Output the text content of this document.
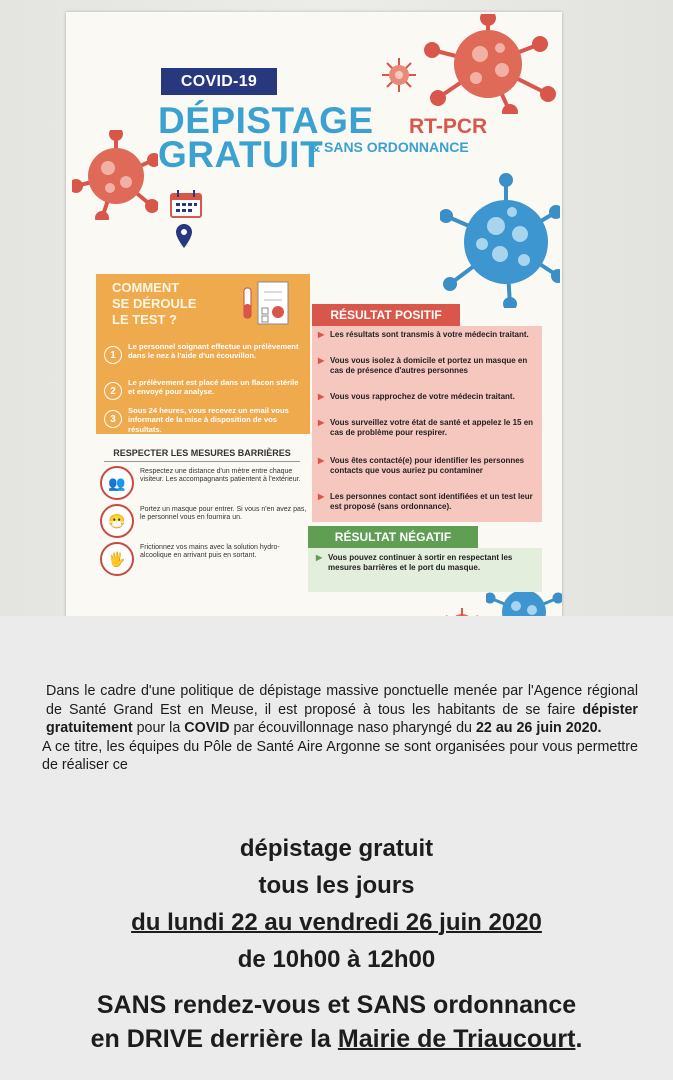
COVID-19
DÉPISTAGE RT-PCR
GRATUIT
& SANS ORDONNANCE
COMMENT
SE DÉROULE
LE TEST ?
1
Le personnel soignant effectue un prélèvement dans le nez à l'aide d'un écouvillon.
2
Le prélèvement est placé dans un flacon stérile et envoyé pour analyse.
3
Sous 24 heures, vous recevez un email vous informant de la mise à disposition de vos résultats.
RESPECTER LES MESURES BARRIÈRES
👥
Respectez une distance d'un mètre entre chaque visiteur. Les accompagnants patientent à l'extérieur.
😷
Portez un masque pour entrer. Si vous n'en avez pas, le personnel vous en fournira un.
🖐
Frictionnez vos mains avec la solution hydro-alcoolique en arrivant puis en sortant.
RÉSULTAT POSITIF
▶ Les résultats sont transmis à votre médecin traitant.
▶ Vous vous isolez à domicile et portez un masque en cas de présence d'autres personnes
▶ Vous vous rapprochez de votre médecin traitant.
▶ Vous surveillez votre état de santé et appelez le 15 en cas de problème pour respirer.
▶ Vous êtes contacté(e) pour identifier les personnes contacts que vous auriez pu contaminer
▶ Les personnes contact sont identifiées et un test leur est proposé (sans ordonnance).
RÉSULTAT NÉGATIF
▶ Vous pouvez continuer à sortir en respectant les mesures barrières et le port du masque.

Dans le cadre d'une politique de dépistage massive ponctuelle menée par l'Agence régional de Santé Grand Est en Meuse, il est proposé à tous les habitants de se faire dépister gratuitement pour la COVID par écouvillonnage naso pharyngé du 22 au 26 juin 2020.

A ce titre, les équipes du Pôle de Santé Aire Argonne se sont organisées pour vous permettre de réaliser ce

dépistage gratuit
tous les jours
du lundi 22 au vendredi 26 juin 2020
de 10h00 à 12h00
SANS rendez-vous et SANS ordonnance
en DRIVE derrière la Mairie de Triaucourt.
